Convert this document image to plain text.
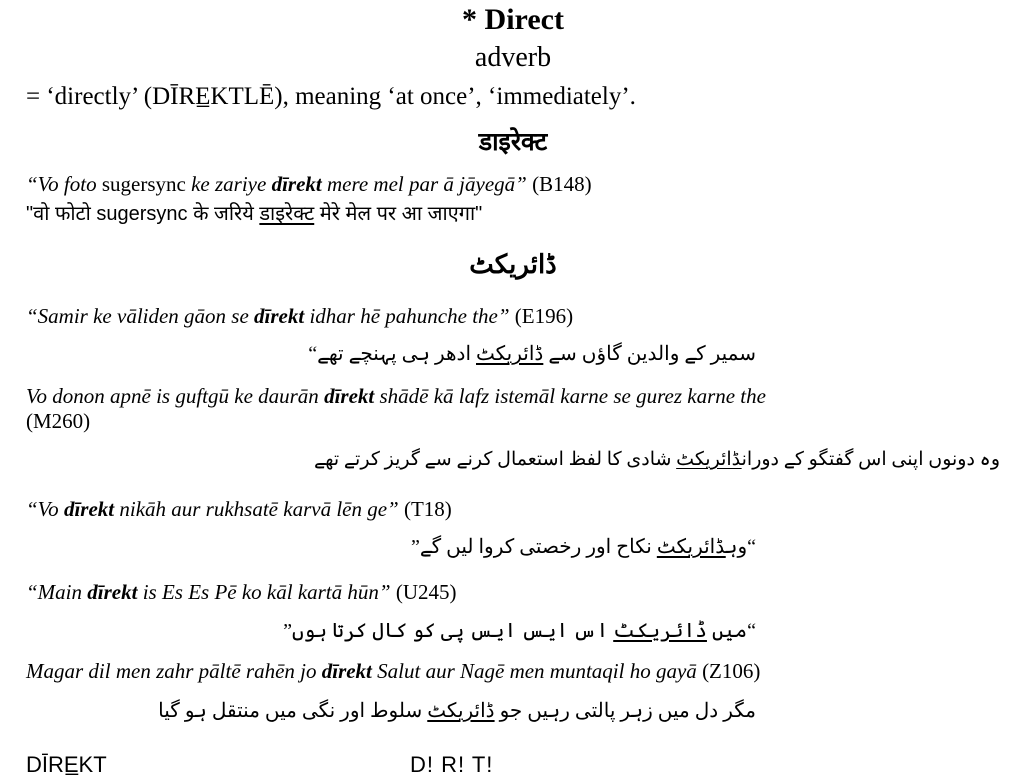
* Direct
adverb
= ‘directly’ (DĪRE̲KTLĒ), meaning ‘at once’, ‘immediately’.
डाइरेक्ट
“Vo foto sugersync ke zariye dīrekt mere mel par ā jāyegā” (B148)
"वो फोटो sugersync के जरिये डाइरेक्ट मेरे मेल पर आ जाएगा"
ڈائریکٹ
“Samir ke vāliden gāon se dīrekt idhar hē pahunche the” (E196)
سمیر کے والدین گاؤں سے ڈائریکٹ ادھر ہی پہنچے تھے“
Vo donon apnē is guftgū ke daurān dīrekt shādē kā lafz istemāl karne se gurez karne the
(M260)
وہ دونوں اپنی اس گفتگو کے دورانڈائریکٹ شادی کا لفظ استعمال کرنے سے گریز کرتے تھے
“Vo dīrekt nikāh aur rukhsatē karvā lēn ge” (T18)
“وہڈائریکٹ نکاح اور رخصتی کروا لیں گے”
“Main dīrekt is Es Es Pē ko kāl kartā hūn” (U245)
“میں ڈائریکٹ اس ایس ایس پی کو کال کرتا ہوں”
Magar dil men zahr pāltē rahēn jo dīrekt Salut aur Nagē men muntaqil ho gayā (Z106)
مگر دل میں زہر پالتی رہیں جو ڈائریکٹ سلوط اور نگی میں منتقل ہو گیا
DĪRE̲KT	D! R! T!
